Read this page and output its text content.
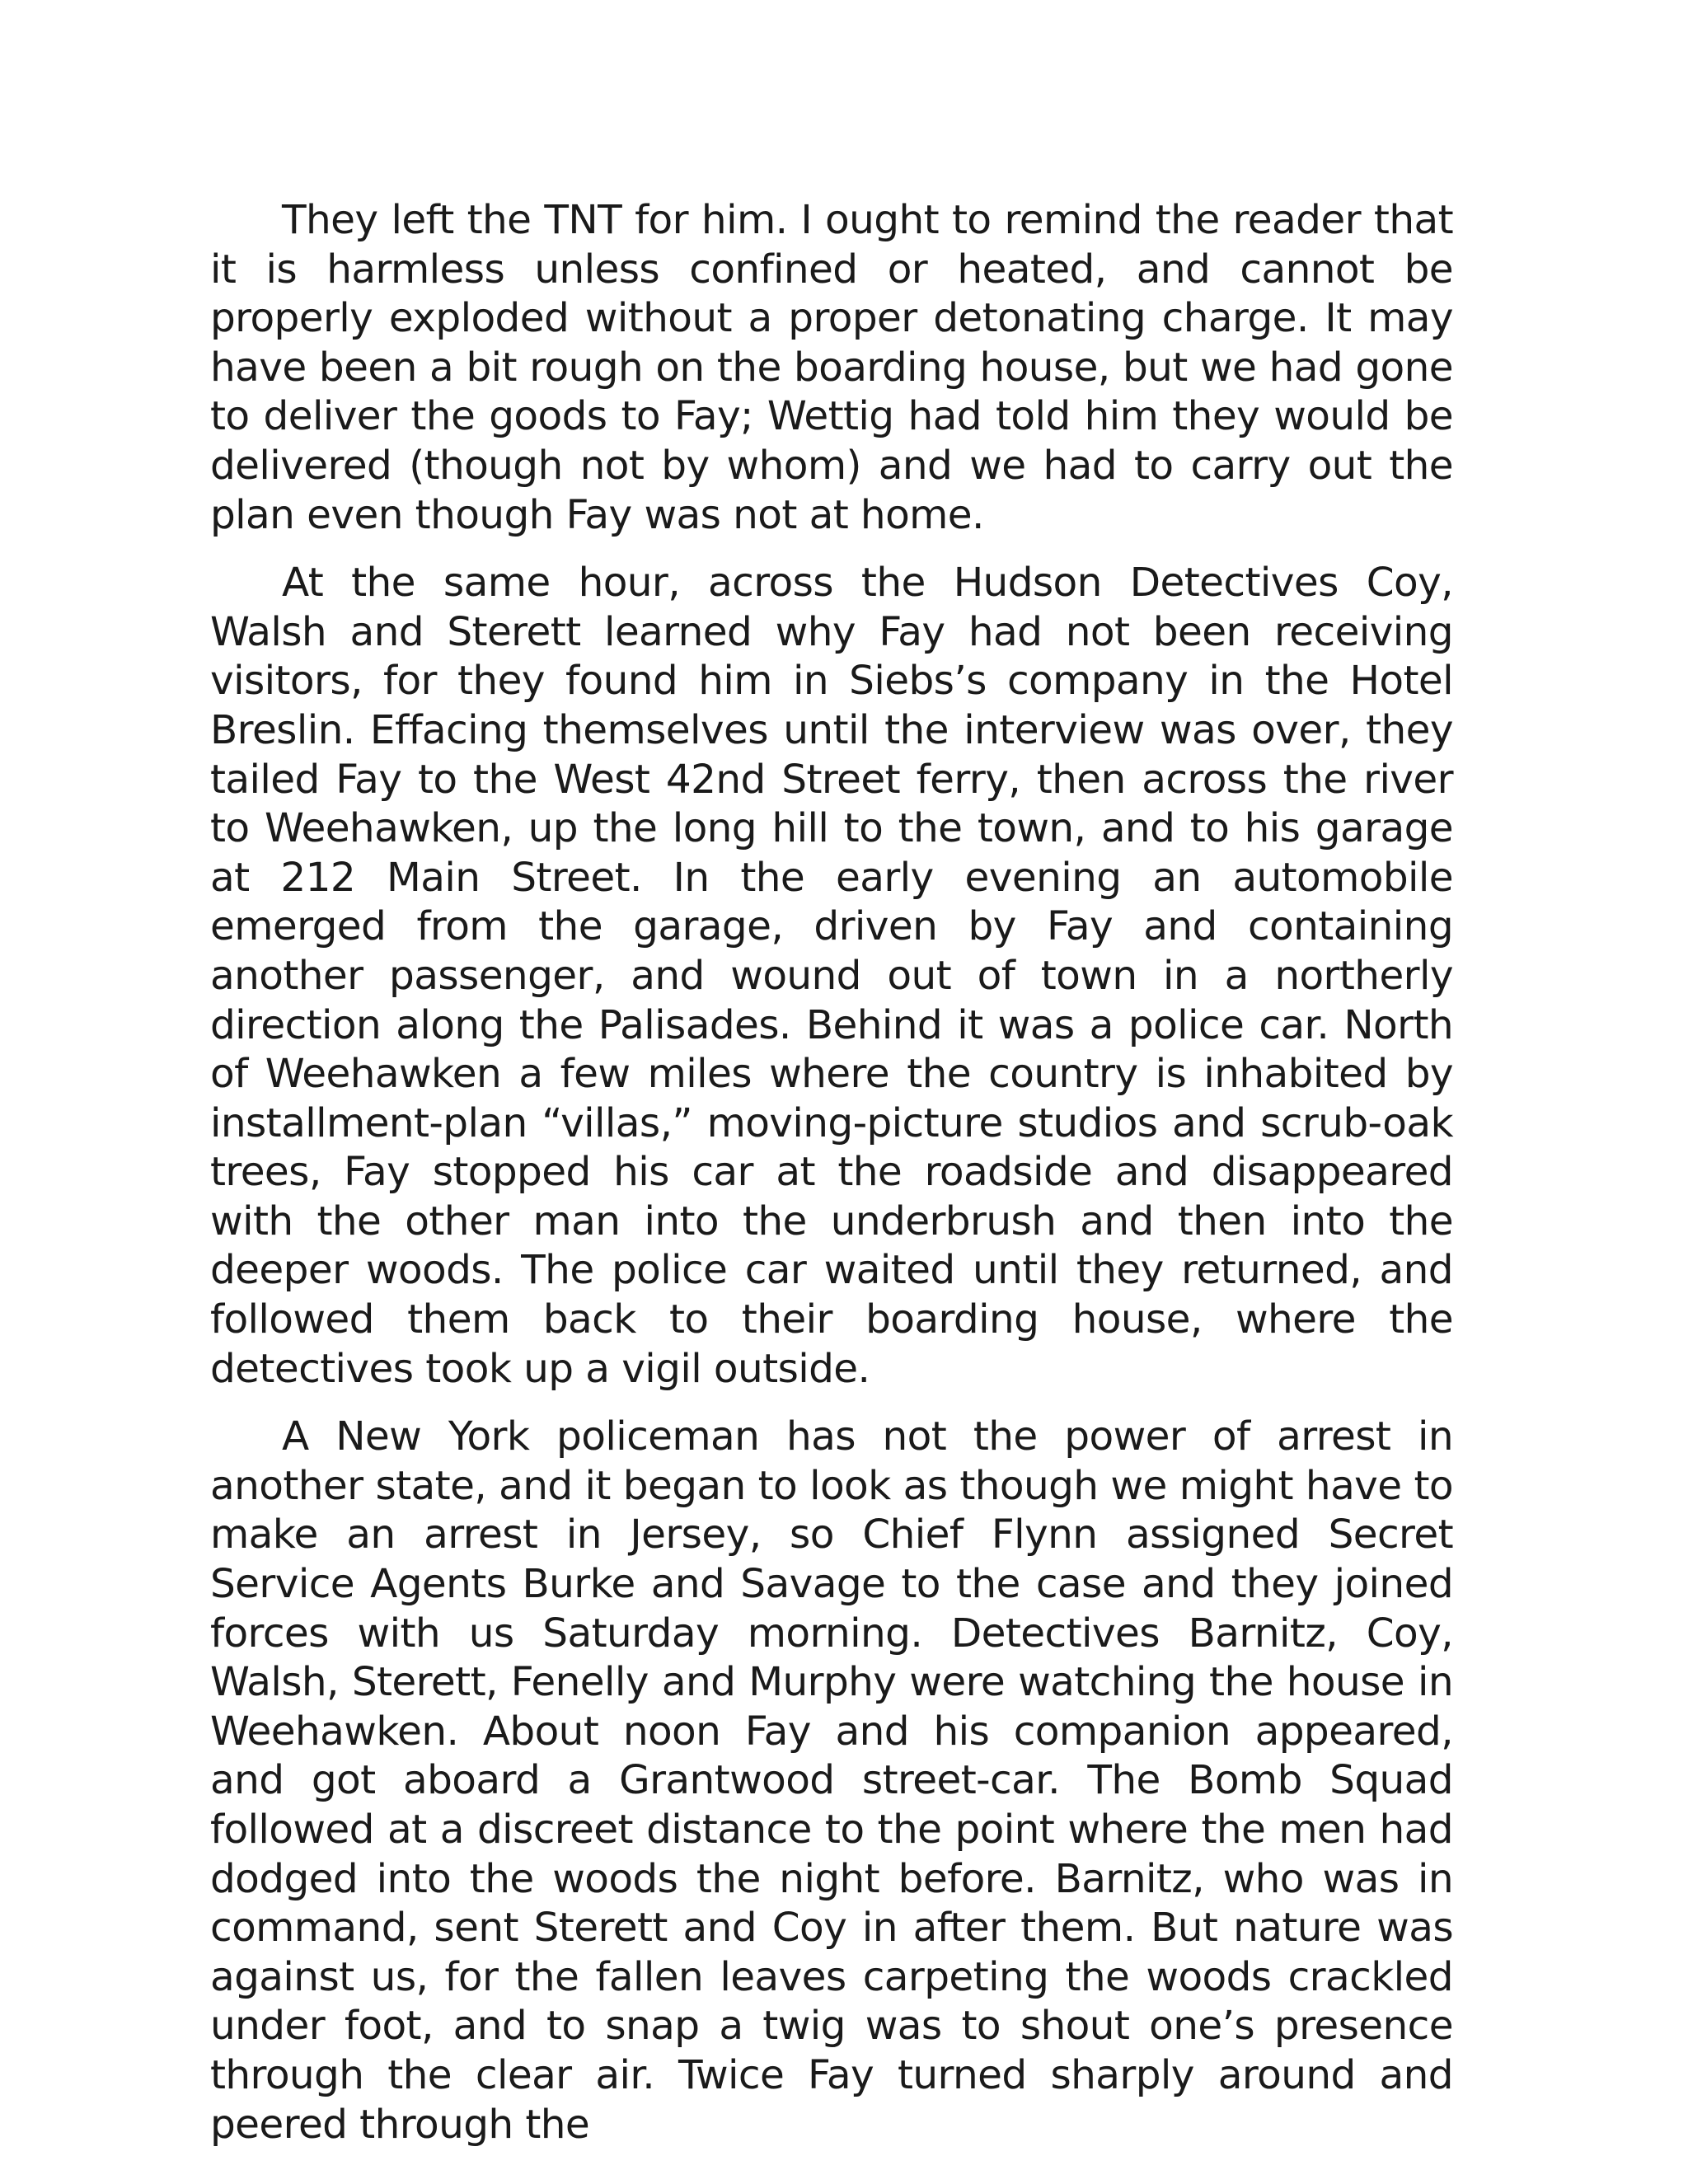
They left the TNT for him. I ought to remind the reader that it is harmless unless confined or heated, and cannot be properly exploded without a proper detonating charge. It may have been a bit rough on the boarding house, but we had gone to deliver the goods to Fay; Wettig had told him they would be delivered (though not by whom) and we had to carry out the plan even though Fay was not at home.

At the same hour, across the Hudson Detectives Coy, Walsh and Sterett learned why Fay had not been receiving visitors, for they found him in Siebs’s company in the Hotel Breslin. Effacing themselves until the interview was over, they tailed Fay to the West 42nd Street ferry, then across the river to Weehawken, up the long hill to the town, and to his garage at 212 Main Street. In the early evening an automobile emerged from the garage, driven by Fay and containing another passenger, and wound out of town in a northerly direction along the Palisades. Behind it was a police car. North of Weehawken a few miles where the country is inhabited by installment-plan “villas,” moving-picture studios and scrub-oak trees, Fay stopped his car at the roadside and disappeared with the other man into the underbrush and then into the deeper woods. The police car waited until they returned, and followed them back to their boarding house, where the detectives took up a vigil outside.

A New York policeman has not the power of arrest in another state, and it began to look as though we might have to make an arrest in Jersey, so Chief Flynn assigned Secret Service Agents Burke and Savage to the case and they joined forces with us Saturday morning. Detectives Barnitz, Coy, Walsh, Sterett, Fenelly and Murphy were watching the house in Weehawken. About noon Fay and his companion appeared, and got aboard a Grantwood street-car. The Bomb Squad followed at a discreet distance to the point where the men had dodged into the woods the night before. Barnitz, who was in command, sent Sterett and Coy in after them. But nature was against us, for the fallen leaves carpeting the woods crackled under foot, and to snap a twig was to shout one’s presence through the clear air. Twice Fay turned sharply around and peered through the
